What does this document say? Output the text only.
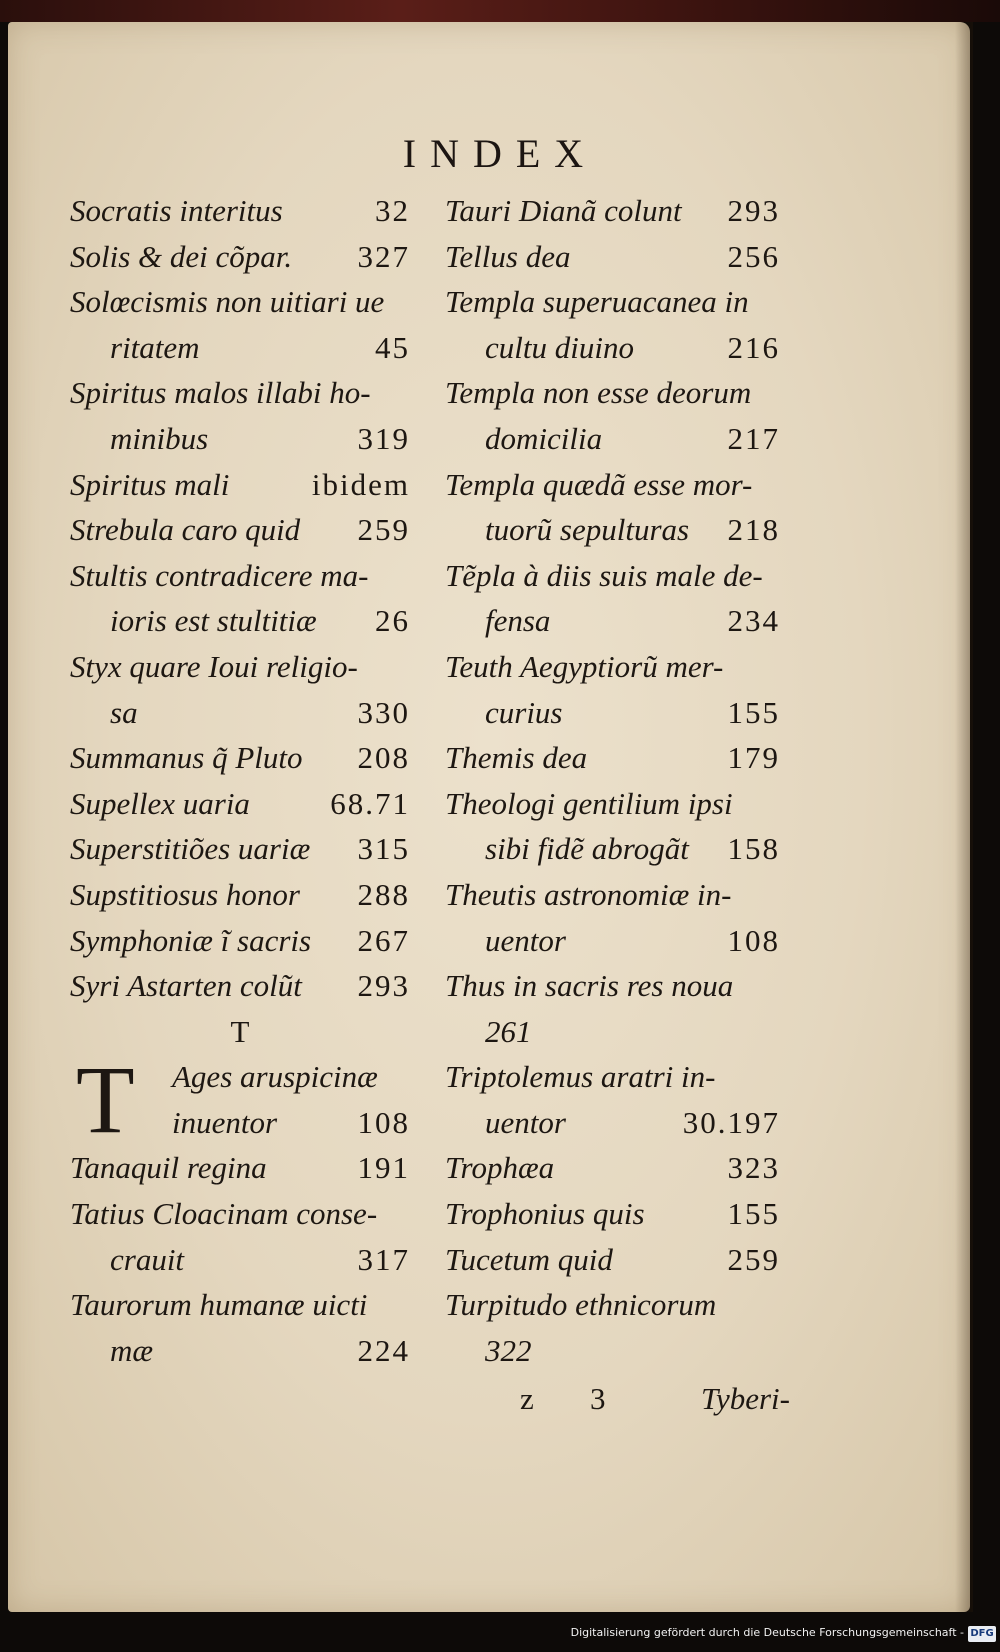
INDEX
Socratis interitus	32
Solis & dei cõpar. 327
Solœcismis non uitiari ue
ritatem	45
Spiritus malos illabi ho-
minibus	319
Spiritus mali	ibidem
Strebula caro quid 259
Stultis contradicere ma-
ioris est stultitiæ 26
Styx quare Ioui religio-
sa	330
Summanus q̃ Pluto 208
Supellex uaria	68.71
Superstitiões uariæ 315
Supstitiosus honor 288
Symphoniæ ĩ sacris 267
Syri Astarten colũt 293
T
T Ages aruspicinæ
inuentor	108
Tanaquil regina	191
Tatius Cloacinam conse-
crauit	317
Taurorum humanæ uicti
mæ	224
Tauri Dianã colunt 293
Tellus dea	256
Templa superuacanea in
cultu diuino	216
Templa non esse deorum
domicilia	217
Templa quædã esse mor-
tuorũ sepulturas 218
Tẽpla à diis suis male de-
fensa	234
Teuth Aegyptiorũ mer-
curius	155
Themis dea	179
Theologi gentilium ipsi
sibi fidẽ abrogãt 158
Theutis astronomiæ in-
uentor	108
Thus in sacris res noua
261
Triptolemus aratri in-
uentor	30.197
Trophæa	323
Trophonius quis	155
Tucetum quid	259
Turpitudo ethnicorum
322
z 3	Tyberi-
Digitalisierung gefördert durch die Deutsche Forschungsgemeinschaft - DFG
